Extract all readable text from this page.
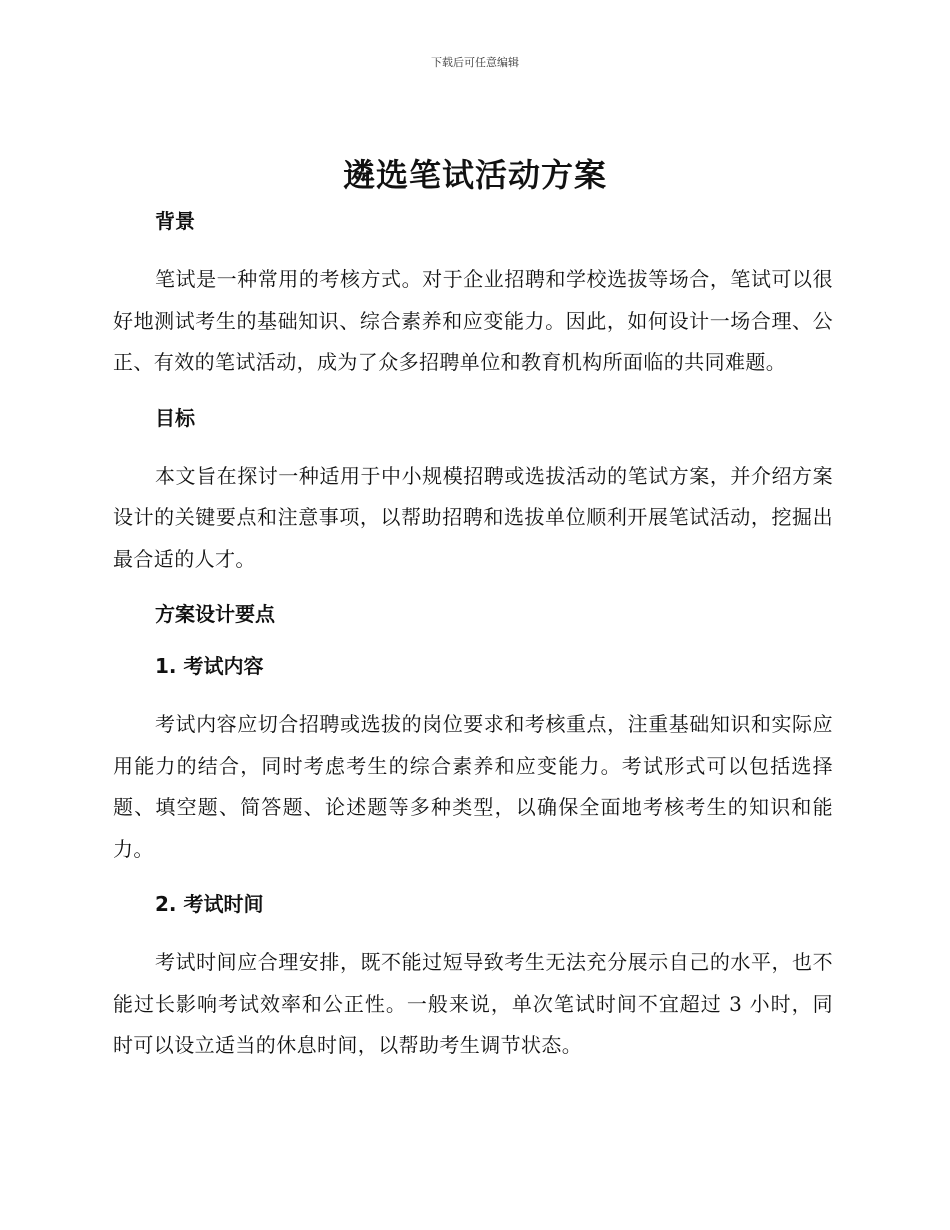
下载后可任意编辑
遴选笔试活动方案
背景

笔试是一种常用的考核方式。对于企业招聘和学校选拔等场合，笔试可以很好地测试考生的基础知识、综合素养和应变能力。因此，如何设计一场合理、公正、有效的笔试活动，成为了众多招聘单位和教育机构所面临的共同难题。

目标

本文旨在探讨一种适用于中小规模招聘或选拔活动的笔试方案，并介绍方案设计的关键要点和注意事项，以帮助招聘和选拔单位顺利开展笔试活动，挖掘出最合适的人才。

方案设计要点
1. 考试内容

考试内容应切合招聘或选拔的岗位要求和考核重点，注重基础知识和实际应用能力的结合，同时考虑考生的综合素养和应变能力。考试形式可以包括选择题、填空题、简答题、论述题等多种类型，以确保全面地考核考生的知识和能力。

2. 考试时间

考试时间应合理安排，既不能过短导致考生无法充分展示自己的水平，也不能过长影响考试效率和公正性。一般来说，单次笔试时间不宜超过 3 小时，同时可以设立适当的休息时间，以帮助考生调节状态。
